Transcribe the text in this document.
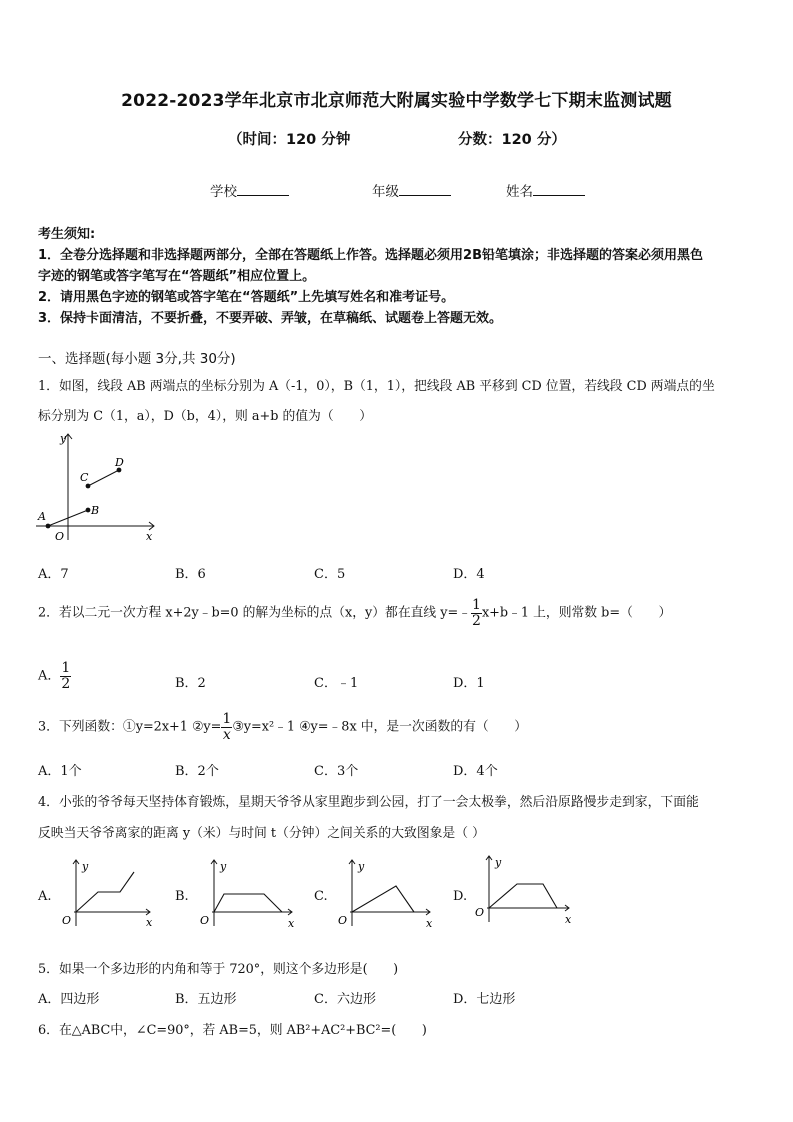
2022-2023学年北京市北京师范大附属实验中学数学七下期末监测试题
（时间：120 分钟	分数：120 分）
学校	年级	姓名
考生须知:
1．全卷分选择题和非选择题两部分，全部在答题纸上作答。选择题必须用2B铅笔填涂；非选择题的答案必须用黑色
字迹的钢笔或答字笔写在“答题纸”相应位置上。
2．请用黑色字迹的钢笔或答字笔在“答题纸”上先填写姓名和准考证号。
3．保持卡面清洁，不要折叠，不要弄破、弄皱，在草稿纸、试题卷上答题无效。
一、选择题(每小题 3分,共 30分)
1．如图，线段 AB 两端点的坐标分别为 A（-1，0），B（1，1），把线段 AB 平移到 CD 位置，若线段 CD 两端点的坐
标分别为 C（1，a），D（b，4），则 a+b 的值为（　　）
y
x
O
A	B
C
D
A．7	B．6	C．5	D．4
2．若以二元一次方程 x+2y﹣b=0 的解为坐标的点（x，y）都在直线 y=﹣ $\frac{1}{2}$ x+b﹣1 上，则常数 b=（　　）
A． $\frac{1}{2}$	B．2	C．﹣1	D．1
3．下列函数：①y=2x+1 ②y= $\frac{1}{x}$ ③y=x²﹣1 ④y=﹣8x 中，是一次函数的有（　　）
A．1个	B．2个	C．3个	D．4个
4．小张的爷爷每天坚持体育锻炼，星期天爷爷从家里跑步到公园，打了一会太极拳，然后沿原路慢步走到家，下面能
反映当天爷爷离家的距离 y（米）与时间 t（分钟）之间关系的大致图象是（ ）
A.
y
x
O
B.
y
x
O
C.
y
x
O
D.
y
x
O
5．如果一个多边形的内角和等于 720°，则这个多边形是(　　)
A．四边形	B．五边形	C．六边形	D．七边形
6．在△ABC中，∠C=90°，若 AB=5，则 AB²+AC²+BC²=(　　)
